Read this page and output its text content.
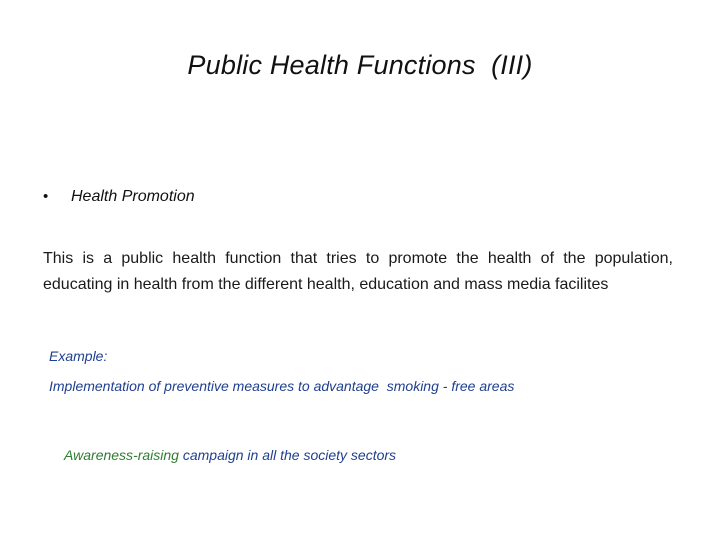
Public Health Functions  (III)
•	Health Promotion
This is a public health function that tries to promote the health of the population, educating in health from the different health, education and mass media facilites
Example:
Implementation of preventive measures to advantage  smoking - free areas

Awareness-raising campaign in all the society sectors
